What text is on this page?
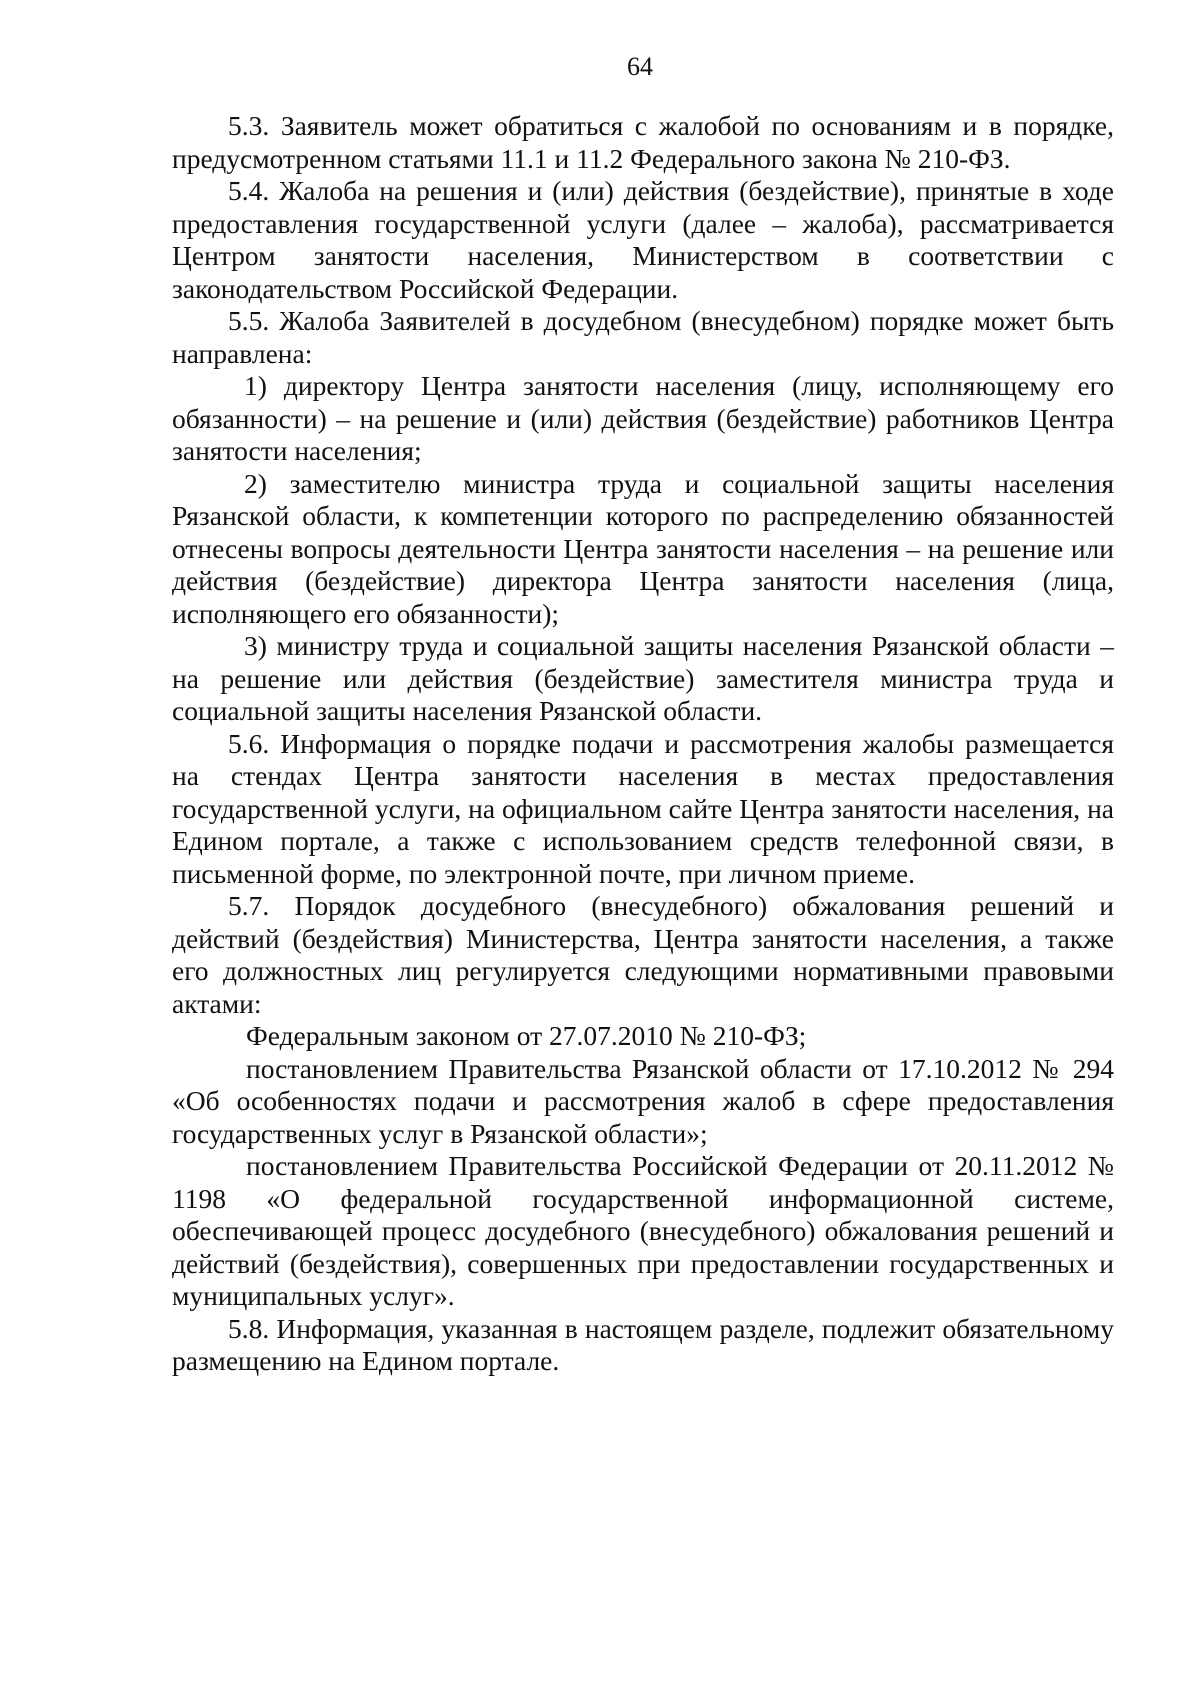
64

5.3. Заявитель может обратиться с жалобой по основаниям и в порядке, предусмотренном статьями 11.1 и 11.2 Федерального закона № 210-ФЗ.

5.4. Жалоба на решения и (или) действия (бездействие), принятые в ходе предоставления государственной услуги (далее – жалоба), рассматривается Центром занятости населения, Министерством в соответствии с законодательством Российской Федерации.

5.5. Жалоба Заявителей в досудебном (внесудебном) порядке может быть направлена:

1) директору Центра занятости населения (лицу, исполняющему его обязанности) – на решение и (или) действия (бездействие) работников Центра занятости населения;

2) заместителю министра труда и социальной защиты населения Рязанской области, к компетенции которого по распределению обязанностей отнесены вопросы деятельности Центра занятости населения – на решение или действия (бездействие) директора Центра занятости населения (лица, исполняющего его обязанности);

3) министру труда и социальной защиты населения Рязанской области – на решение или действия (бездействие) заместителя министра труда и социальной защиты населения Рязанской области.

5.6. Информация о порядке подачи и рассмотрения жалобы размещается на стендах Центра занятости населения в местах предоставления государственной услуги, на официальном сайте Центра занятости населения, на Едином портале, а также с использованием средств телефонной связи, в письменной форме, по электронной почте, при личном приеме.

5.7. Порядок досудебного (внесудебного) обжалования решений и действий (бездействия) Министерства, Центра занятости населения, а также его должностных лиц регулируется следующими нормативными правовыми актами:

Федеральным законом от 27.07.2010 № 210-ФЗ;

постановлением Правительства Рязанской области от 17.10.2012 № 294 «Об особенностях подачи и рассмотрения жалоб в сфере предоставления государственных услуг в Рязанской области»;

постановлением Правительства Российской Федерации от 20.11.2012 № 1198 «О федеральной государственной информационной системе, обеспечивающей процесс досудебного (внесудебного) обжалования решений и действий (бездействия), совершенных при предоставлении государственных и муниципальных услуг».

5.8. Информация, указанная в настоящем разделе, подлежит обязательному размещению на Едином портале.
